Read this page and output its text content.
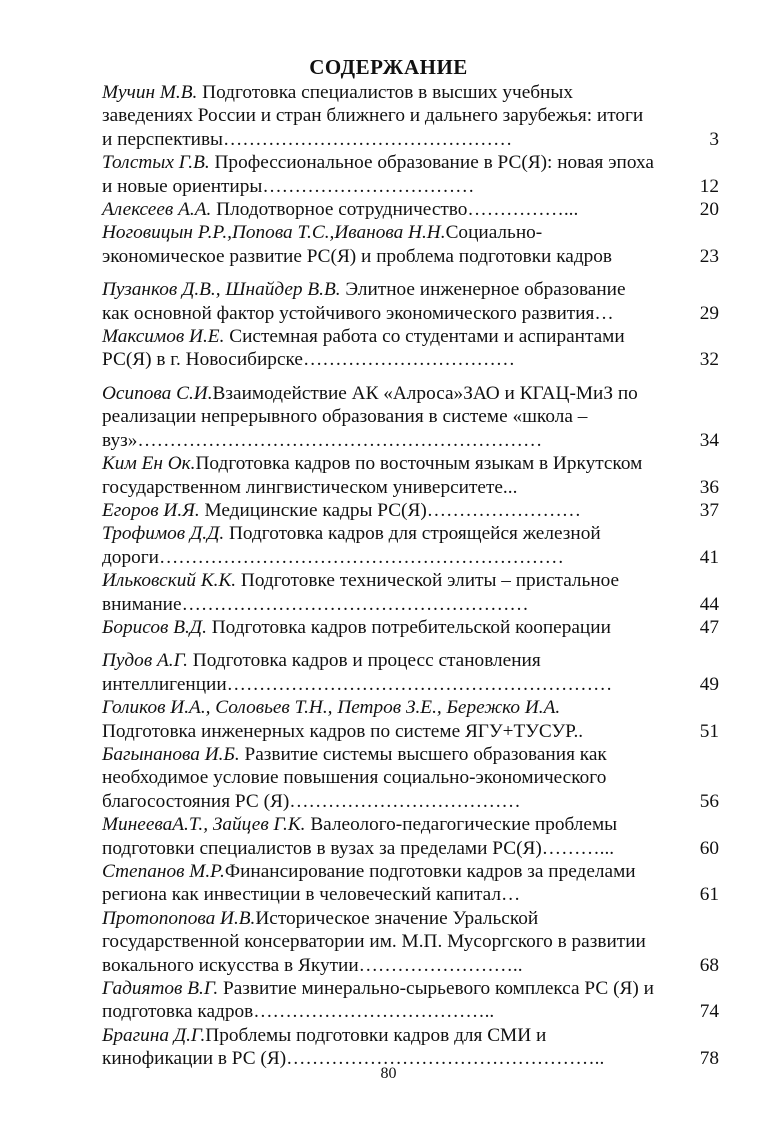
СОДЕРЖАНИЕ
Мучин М.В. Подготовка специалистов в высших учебных заведениях России и стран ближнего и дальнего зарубежья: итоги и перспективы………………………………………	3
Толстых Г.В. Профессиональное образование в РС(Я): новая эпоха и новые ориентиры……………………………	12
Алексеев А.А. Плодотворное сотрудничество……………...	20
Ноговицын Р.Р.,Попова Т.С.,Иванова Н.Н.Социально-экономическое развитие РС(Я) и проблема подготовки кадров	23
Пузанков Д.В., Шнайдер В.В. Элитное инженерное образование как основной фактор устойчивого экономического развития…	29
Максимов И.Е. Системная работа со студентами и аспирантами РС(Я) в г. Новосибирске……………………………	32
Осипова С.И.Взаимодействие АК «Алроса»ЗАО и КГАЦ-МиЗ по реализации непрерывного образования в системе «школа – вуз»………………………………………………………	34
Ким Ен Ок.Подготовка кадров по восточным языкам в Иркутском государственном лингвистическом университете...	36
Егоров И.Я. Медицинские кадры РС(Я)……………………	37
Трофимов Д.Д. Подготовка кадров для строящейся железной дороги………………………………………………………	41
Ильковский К.К. Подготовке технической элиты – пристальное внимание………………………………………………	44
Борисов В.Д. Подготовка кадров потребительской кооперации	47
Пудов А.Г. Подготовка кадров и процесс становления интеллигенции……………………………………………………	49
Голиков И.А., Соловьев Т.Н., Петров З.Е., Бережко И.А. Подготовка инженерных кадров по системе ЯГУ+ТУСУР..	51
Багынанова И.Б. Развитие системы высшего образования как необходимое условие повышения социально-экономического благосостояния РС (Я)………………………………	56
МинееваА.Т., Зайцев Г.К. Валеолого-педагогические проблемы подготовки специалистов в вузах за пределами РС(Я)………...	60
Степанов М.Р.Финансирование подготовки кадров за пределами региона как инвестиции в человеческий капитал…	61
Протопопова И.В.Историческое значение Уральской государственной консерватории им. М.П. Мусоргского в развитии вокального искусства в Якутии……………………..	68
Гадиятов В.Г. Развитие минерально-сырьевого комплекса РС (Я) и подготовка кадров………………………………..	74
Брагина Д.Г.Проблемы подготовки кадров для СМИ и кинофикации в РС (Я)…………………………………………..	78

80
